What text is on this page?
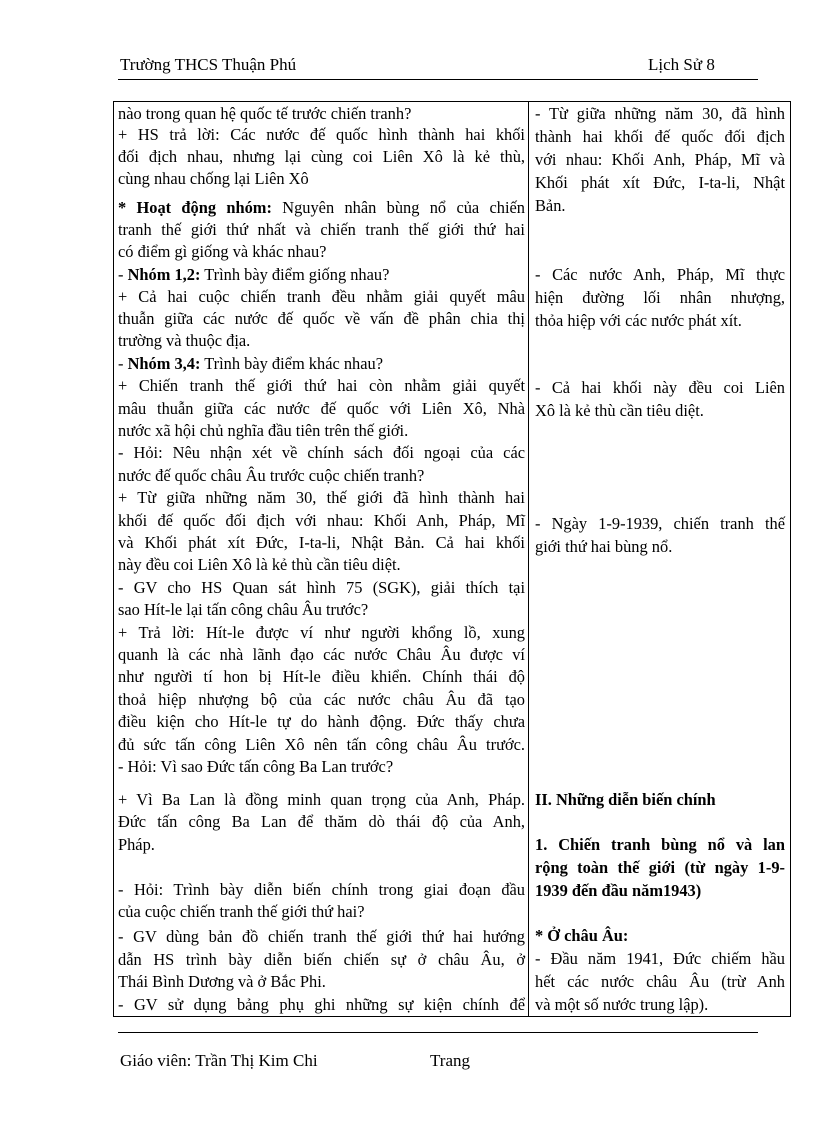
Trường THCS Thuận Phú	Lịch Sử 8
nào trong quan hệ quốc tế trước chiến tranh?
+ HS trả lời: Các nước đế quốc hình thành hai khối
đối địch nhau, nhưng lại cùng coi Liên Xô là kẻ thù,
cùng nhau chống lại Liên Xô
* Hoạt động nhóm: Nguyên nhân bùng nổ của chiến
tranh thế giới thứ nhất và chiến tranh thế giới thứ hai
có điểm gì giống và khác nhau?
- Nhóm 1,2: Trình bày điểm giống nhau?
+ Cả hai cuộc chiến tranh đều nhằm giải quyết mâu
thuẫn giữa các nước đế quốc về vấn đề phân chia thị
trường và thuộc địa.
- Nhóm 3,4: Trình bày điểm khác nhau?
+ Chiến tranh thế giới thứ hai còn nhằm giải quyết
mâu thuẫn giữa các nước đế quốc với Liên Xô, Nhà
nước xã hội chủ nghĩa đầu tiên trên thế giới.
- Hỏi: Nêu nhận xét về chính sách đối ngoại của các
nước đế quốc châu Âu trước cuộc chiến tranh?
+ Từ giữa những năm 30, thế giới đã hình thành hai
khối đế quốc đối địch với nhau: Khối Anh, Pháp, Mĩ
và Khối phát xít Đức, I-ta-li, Nhật Bản. Cả hai khối
này đều coi Liên Xô là kẻ thù cần tiêu diệt.
- GV cho HS Quan sát hình 75 (SGK), giải thích tại
sao Hít-le lại tấn công châu Âu trước?
+ Trả lời: Hít-le được ví như người khổng lồ, xung
quanh là các nhà lãnh đạo các nước Châu Âu được ví
như người tí hon bị Hít-le điều khiển. Chính thái độ
thoả hiệp nhượng bộ của các nước châu Âu đã tạo
điều kiện cho Hít-le tự do hành động. Đức thấy chưa
đủ sức tấn công Liên Xô nên tấn công châu Âu trước.
- Hỏi: Vì sao Đức tấn công Ba Lan trước?
+ Vì Ba Lan là đồng minh quan trọng của Anh, Pháp.
Đức tấn công Ba Lan để thăm dò thái độ của Anh,
Pháp.
- Hỏi: Trình bày diễn biến chính trong giai đoạn đầu
của cuộc chiến tranh thế giới thứ hai?
- GV dùng bản đồ chiến tranh thế giới thứ hai hướng
dẫn HS trình bày diễn biến chiến sự ở châu Âu, ở
Thái Bình Dương và ở Bắc Phi.
- GV sử dụng bảng phụ ghi những sự kiện chính để
- Từ giữa những năm 30, đã hình
thành hai khối đế quốc đối địch
với nhau: Khối Anh, Pháp, Mĩ và
Khối phát xít Đức, I-ta-li, Nhật
Bản.
- Các nước Anh, Pháp, Mĩ thực
hiện đường lối nhân nhượng,
thỏa hiệp với các nước phát xít.
- Cả hai khối này đều coi Liên
Xô là kẻ thù cần tiêu diệt.
- Ngày 1-9-1939, chiến tranh thế
giới thứ hai bùng nổ.
II. Những diễn biến chính
1. Chiến tranh bùng nổ và lan
rộng toàn thế giới (từ ngày 1-9-
1939 đến đầu năm1943)
* Ở châu Âu:
- Đầu năm 1941, Đức chiếm hầu
hết các nước châu Âu (trừ Anh
và một số nước trung lập).
Giáo viên: Trần Thị Kim Chi	Trang
